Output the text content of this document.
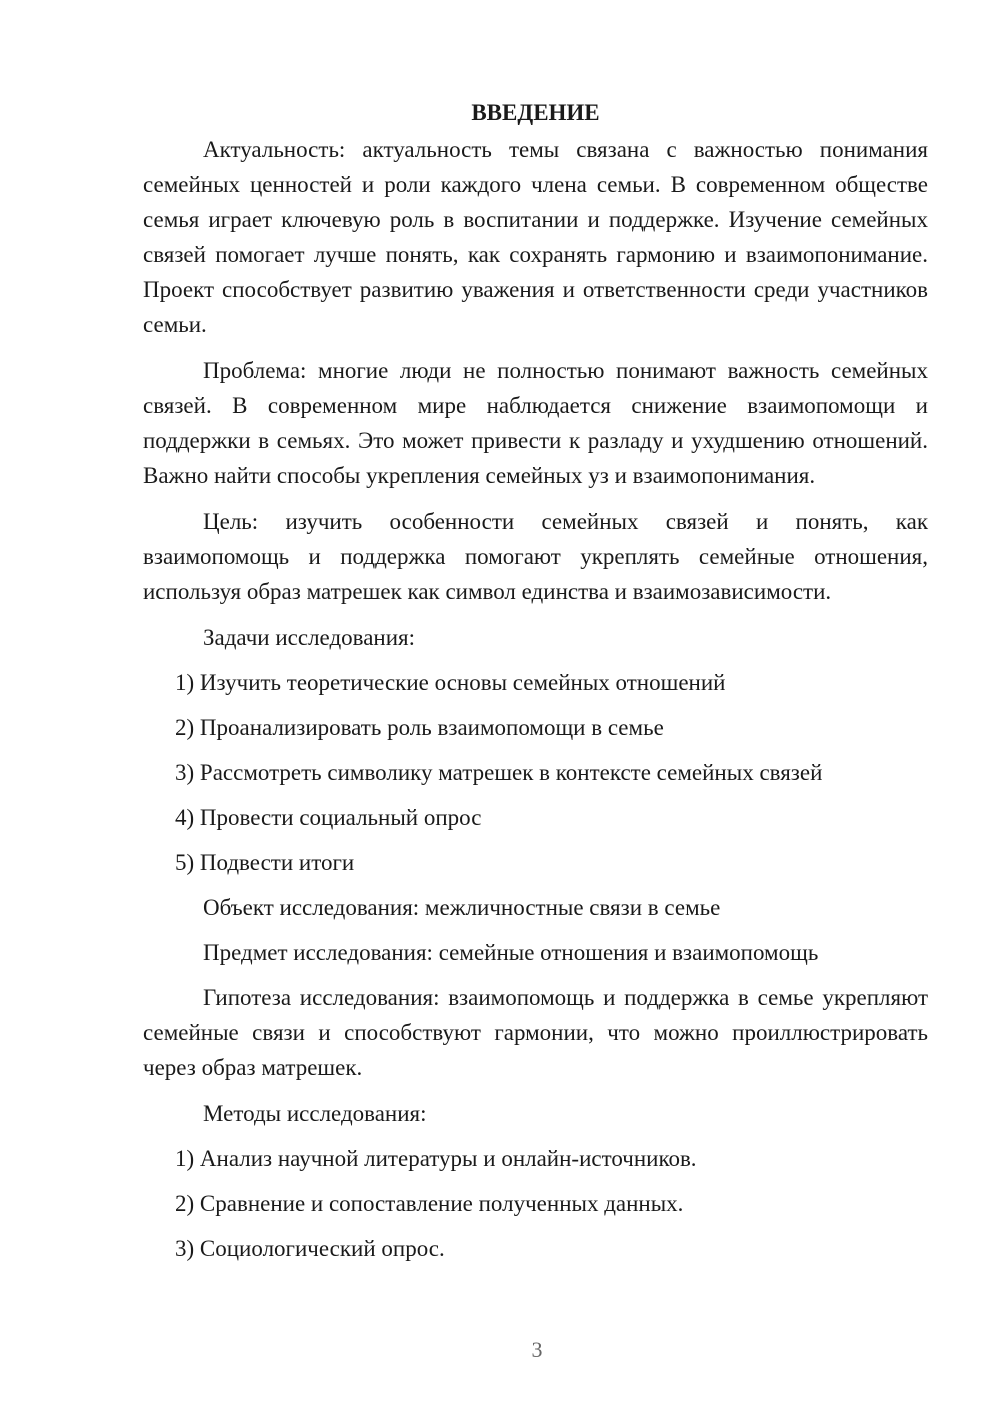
ВВЕДЕНИЕ

Актуальность: актуальность темы связана с важностью понимания семейных ценностей и роли каждого члена семьи. В современном обществе семья играет ключевую роль в воспитании и поддержке. Изучение семейных связей помогает лучше понять, как сохранять гармонию и взаимопонимание. Проект способствует развитию уважения и ответственности среди участников семьи.

Проблема: многие люди не полностью понимают важность семейных связей. В современном мире наблюдается снижение взаимопомощи и поддержки в семьях. Это может привести к разладу и ухудшению отношений. Важно найти способы укрепления семейных уз и взаимопонимания.

Цель: изучить особенности семейных связей и понять, как взаимопомощь и поддержка помогают укреплять семейные отношения, используя образ матрешек как символ единства и взаимозависимости.

Задачи исследования:

1) Изучить теоретические основы семейных отношений

2) Проанализировать роль взаимопомощи в семье

3) Рассмотреть символику матрешек в контексте семейных связей

4) Провести социальный опрос

5) Подвести итоги

Объект исследования: межличностные связи в семье

Предмет исследования: семейные отношения и взаимопомощь

Гипотеза исследования: взаимопомощь и поддержка в семье укрепляют семейные связи и способствуют гармонии, что можно проиллюстрировать через образ матрешек.

Методы исследования:

1) Анализ научной литературы и онлайн-источников.

2) Сравнение и сопоставление полученных данных.

3) Социологический опрос.

3
